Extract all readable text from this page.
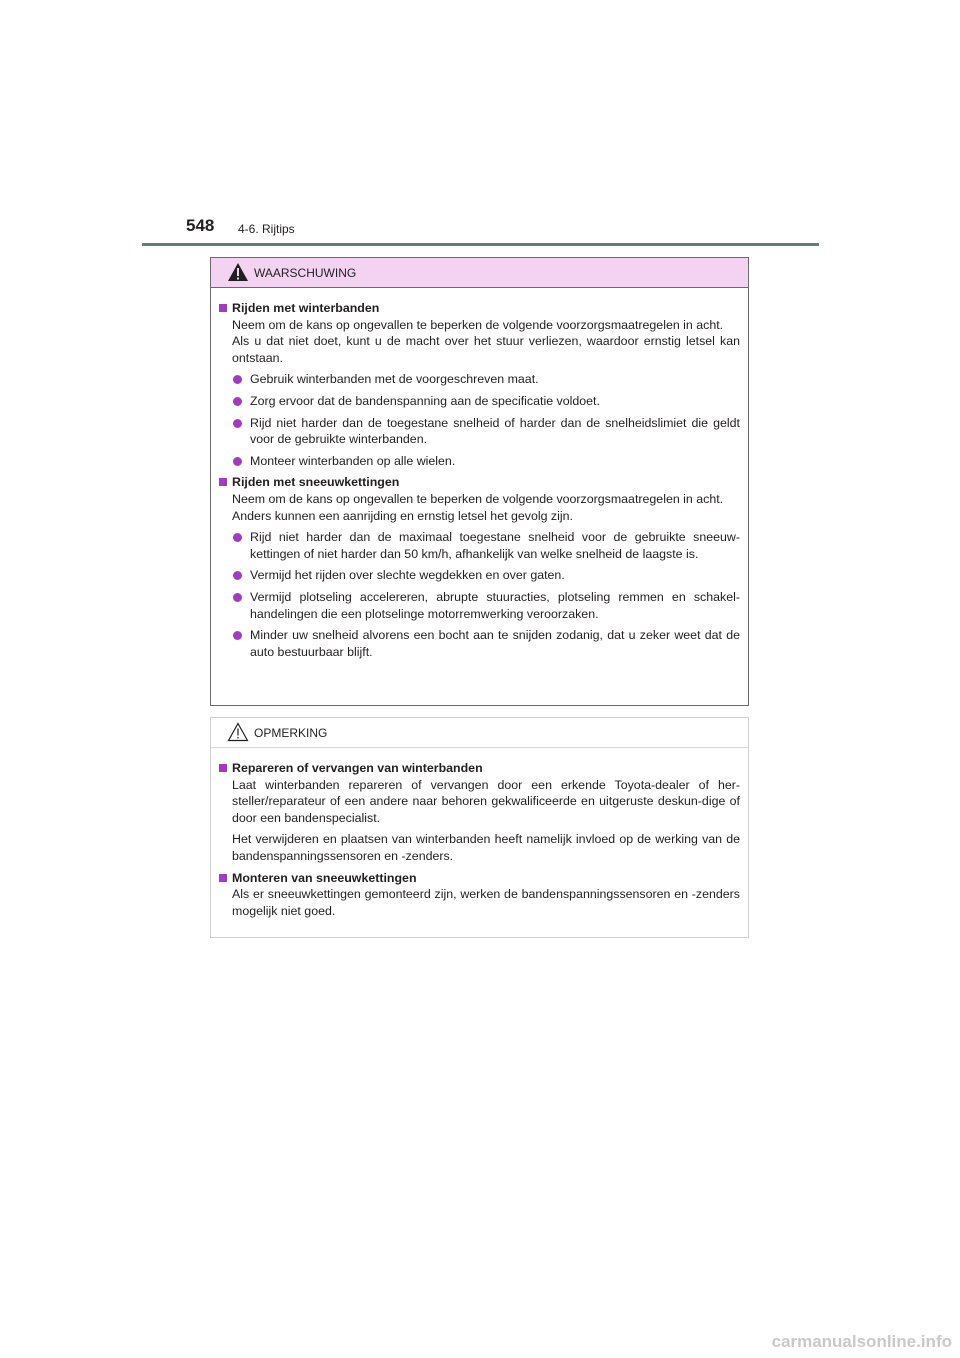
548 4-6. Rijtips
WAARSCHUWING
Rijden met winterbanden
Neem om de kans op ongevallen te beperken de volgende voorzorgsmaatregelen in acht.
Als u dat niet doet, kunt u de macht over het stuur verliezen, waardoor ernstig letsel kan ontstaan.
Gebruik winterbanden met de voorgeschreven maat.
Zorg ervoor dat de bandenspanning aan de specificatie voldoet.
Rijd niet harder dan de toegestane snelheid of harder dan de snelheidslimiet die geldt voor de gebruikte winterbanden.
Monteer winterbanden op alle wielen.
Rijden met sneeuwkettingen
Neem om de kans op ongevallen te beperken de volgende voorzorgsmaatregelen in acht.
Anders kunnen een aanrijding en ernstig letsel het gevolg zijn.
Rijd niet harder dan de maximaal toegestane snelheid voor de gebruikte sneeuw-kettingen of niet harder dan 50 km/h, afhankelijk van welke snelheid de laagste is.
Vermijd het rijden over slechte wegdekken en over gaten.
Vermijd plotseling accelereren, abrupte stuuracties, plotseling remmen en schakel-handelingen die een plotselinge motorremwerking veroorzaken.
Minder uw snelheid alvorens een bocht aan te snijden zodanig, dat u zeker weet dat de auto bestuurbaar blijft.
OPMERKING
Repareren of vervangen van winterbanden
Laat winterbanden repareren of vervangen door een erkende Toyota-dealer of her-steller/reparateur of een andere naar behoren gekwalificeerde en uitgeruste deskun-dige of door een bandenspecialist.
Het verwijderen en plaatsen van winterbanden heeft namelijk invloed op de werking van de bandenspanningssensoren en -zenders.
Monteren van sneeuwkettingen
Als er sneeuwkettingen gemonteerd zijn, werken de bandenspanningssensoren en -zenders mogelijk niet goed.
carmanualsonline.info
